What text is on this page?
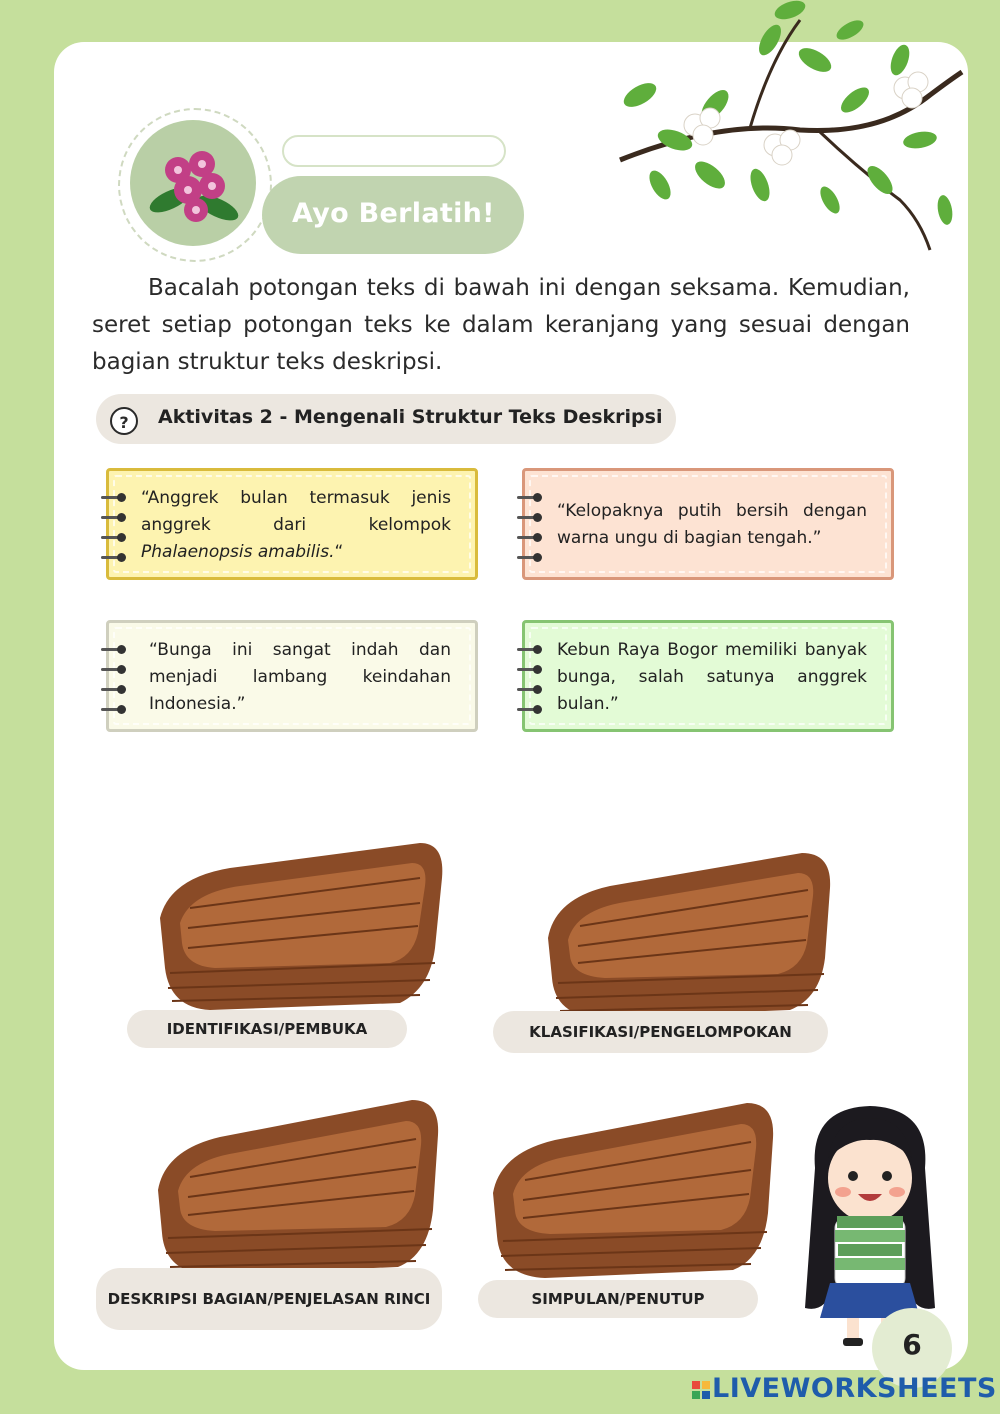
Ayo Berlatih!

Bacalah potongan teks di bawah ini dengan seksama. Kemudian, seret setiap potongan teks ke dalam keranjang yang sesuai dengan bagian struktur teks deskripsi.

?	Aktivitas 2 - Mengenali Struktur Teks Deskripsi

“Anggrek bulan termasuk jenis anggrek dari kelompok Phalaenopsis amabilis.“

“Kelopaknya putih bersih dengan warna ungu di bagian tengah.”

“Bunga ini sangat indah dan menjadi lambang keindahan Indonesia.”

Kebun Raya Bogor memiliki banyak bunga, salah satunya anggrek bulan.”

IDENTIFIKASI/PEMBUKA	KLASIFIKASI/PENGELOMPOKAN
DESKRIPSI BAGIAN/PENJELASAN RINCI	SIMPULAN/PENUTUP
6
LIVEWORKSHEETS
